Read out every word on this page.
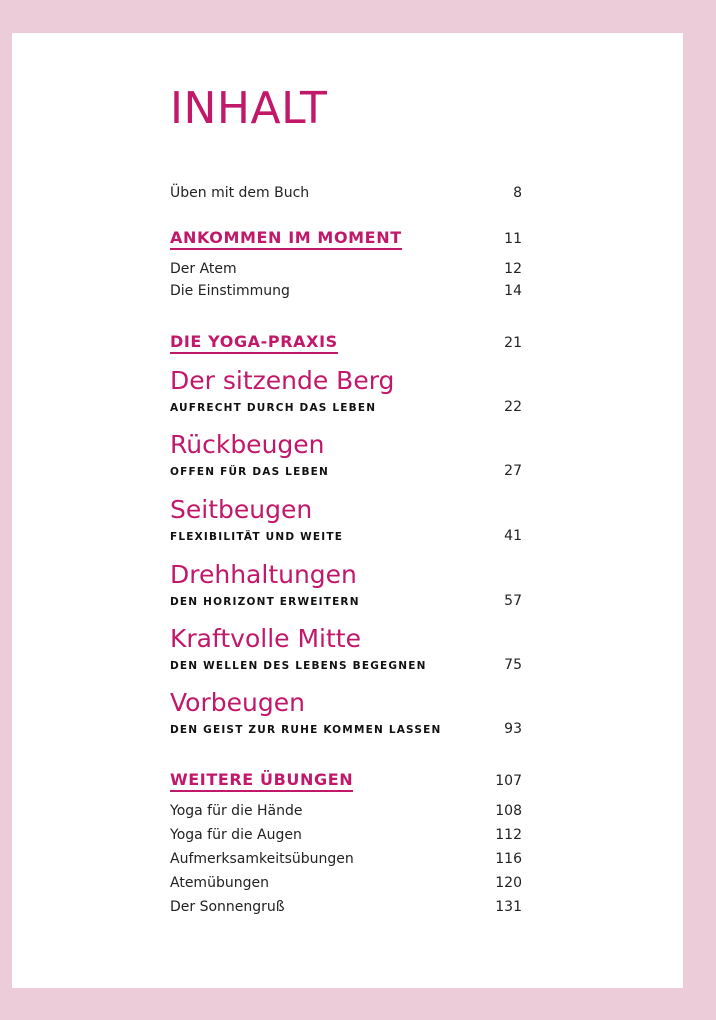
INHALT
Üben mit dem Buch	8
ANKOMMEN IM MOMENT	11
Der Atem	12
Die Einstimmung	14
DIE YOGA-PRAXIS	21
Der sitzende Berg
AUFRECHT DURCH DAS LEBEN	22
Rückbeugen
OFFEN FÜR DAS LEBEN	27
Seitbeugen
FLEXIBILITÄT UND WEITE	41
Drehhaltungen
DEN HORIZONT ERWEITERN	57
Kraftvolle Mitte
DEN WELLEN DES LEBENS BEGEGNEN	75
Vorbeugen
DEN GEIST ZUR RUHE KOMMEN LASSEN	93
WEITERE ÜBUNGEN	107
Yoga für die Hände	108
Yoga für die Augen	112
Aufmerksamkeitsübungen	116
Atemübungen	120
Der Sonnengruß	131
